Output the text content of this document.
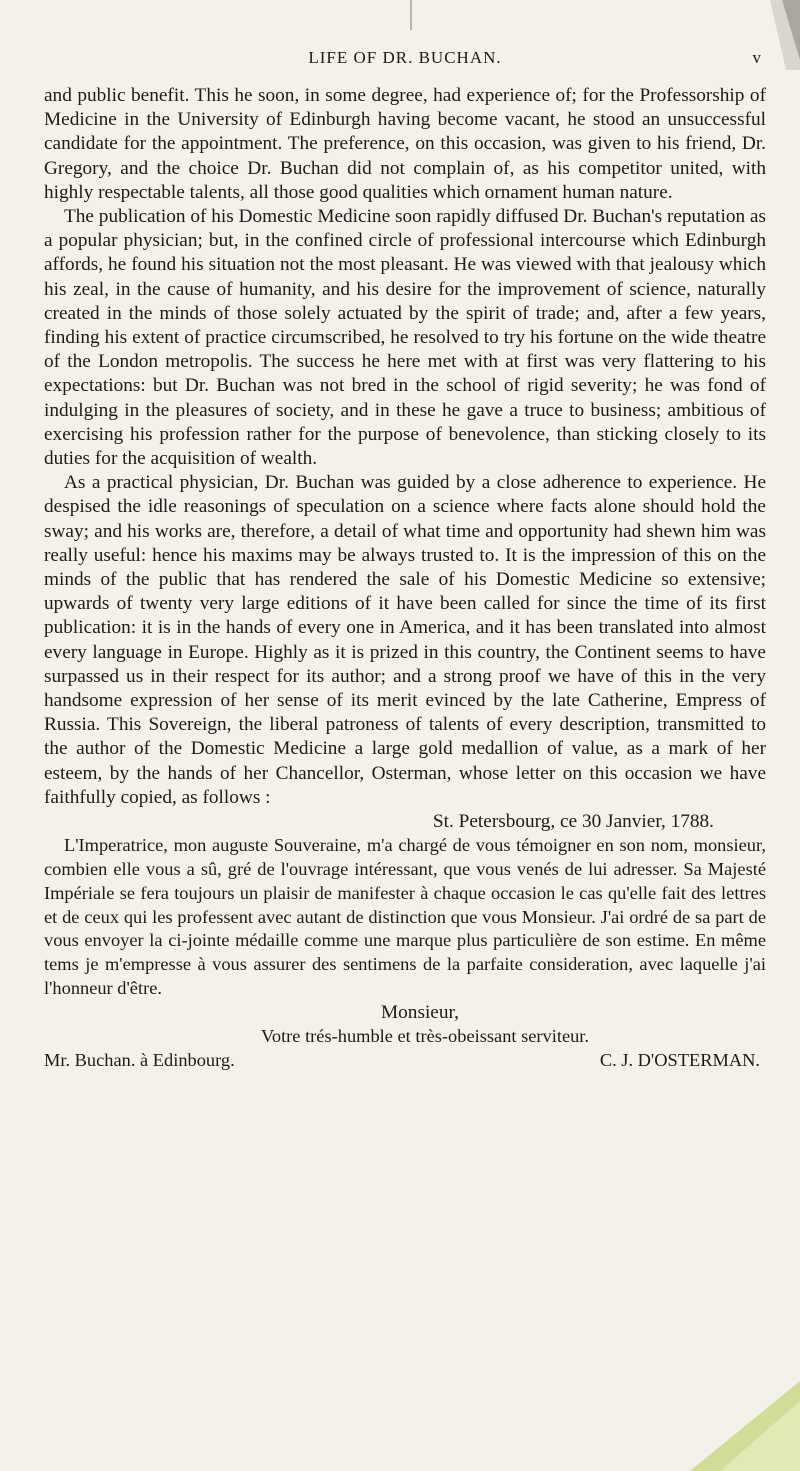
LIFE OF DR. BUCHAN.	v

and public benefit. This he soon, in some degree, had experience of; for the Professorship of Medicine in the University of Edinburgh having become vacant, he stood an unsuccessful candidate for the appointment. The preference, on this occasion, was given to his friend, Dr. Gregory, and the choice Dr. Buchan did not complain of, as his competitor united, with highly respectable talents, all those good qualities which ornament human nature.

The publication of his Domestic Medicine soon rapidly diffused Dr. Buchan's reputation as a popular physician; but, in the confined circle of professional intercourse which Edinburgh affords, he found his situation not the most pleasant. He was viewed with that jealousy which his zeal, in the cause of humanity, and his desire for the improvement of science, naturally created in the minds of those solely actuated by the spirit of trade; and, after a few years, finding his extent of practice circumscribed, he resolved to try his fortune on the wide theatre of the London metropolis. The success he here met with at first was very flattering to his expectations: but Dr. Buchan was not bred in the school of rigid severity; he was fond of indulging in the pleasures of society, and in these he gave a truce to business; ambitious of exercising his profession rather for the purpose of benevolence, than sticking closely to its duties for the acquisition of wealth.

As a practical physician, Dr. Buchan was guided by a close adherence to experience. He despised the idle reasonings of speculation on a science where facts alone should hold the sway; and his works are, therefore, a detail of what time and opportunity had shewn him was really useful: hence his maxims may be always trusted to. It is the impression of this on the minds of the public that has rendered the sale of his Domestic Medicine so extensive; upwards of twenty very large editions of it have been called for since the time of its first publication: it is in the hands of every one in America, and it has been translated into almost every language in Europe. Highly as it is prized in this country, the Continent seems to have surpassed us in their respect for its author; and a strong proof we have of this in the very handsome expression of her sense of its merit evinced by the late Catherine, Empress of Russia. This Sovereign, the liberal patroness of talents of every description, transmitted to the author of the Domestic Medicine a large gold medallion of value, as a mark of her esteem, by the hands of her Chancellor, Osterman, whose letter on this occasion we have faithfully copied, as follows :

St. Petersbourg, ce 30 Janvier, 1788.

L'Imperatrice, mon auguste Souveraine, m'a chargé de vous témoigner en son nom, monsieur, combien elle vous a sû, gré de l'ouvrage intéressant, que vous venés de lui adresser. Sa Majesté Impériale se fera toujours un plaisir de manifester à chaque occasion le cas qu'elle fait des lettres et de ceux qui les professent avec autant de distinction que vous Monsieur. J'ai ordré de sa part de vous envoyer la ci-jointe médaille comme une marque plus particulière de son estime. En même tems je m'empresse à vous assurer des sentimens de la parfaite consideration, avec laquelle j'ai l'honneur d'être.

Monsieur,
Votre trés-humble et très-obeissant serviteur.
Mr. Buchan. à Edinbourg.	C. J. D'OSTERMAN.
